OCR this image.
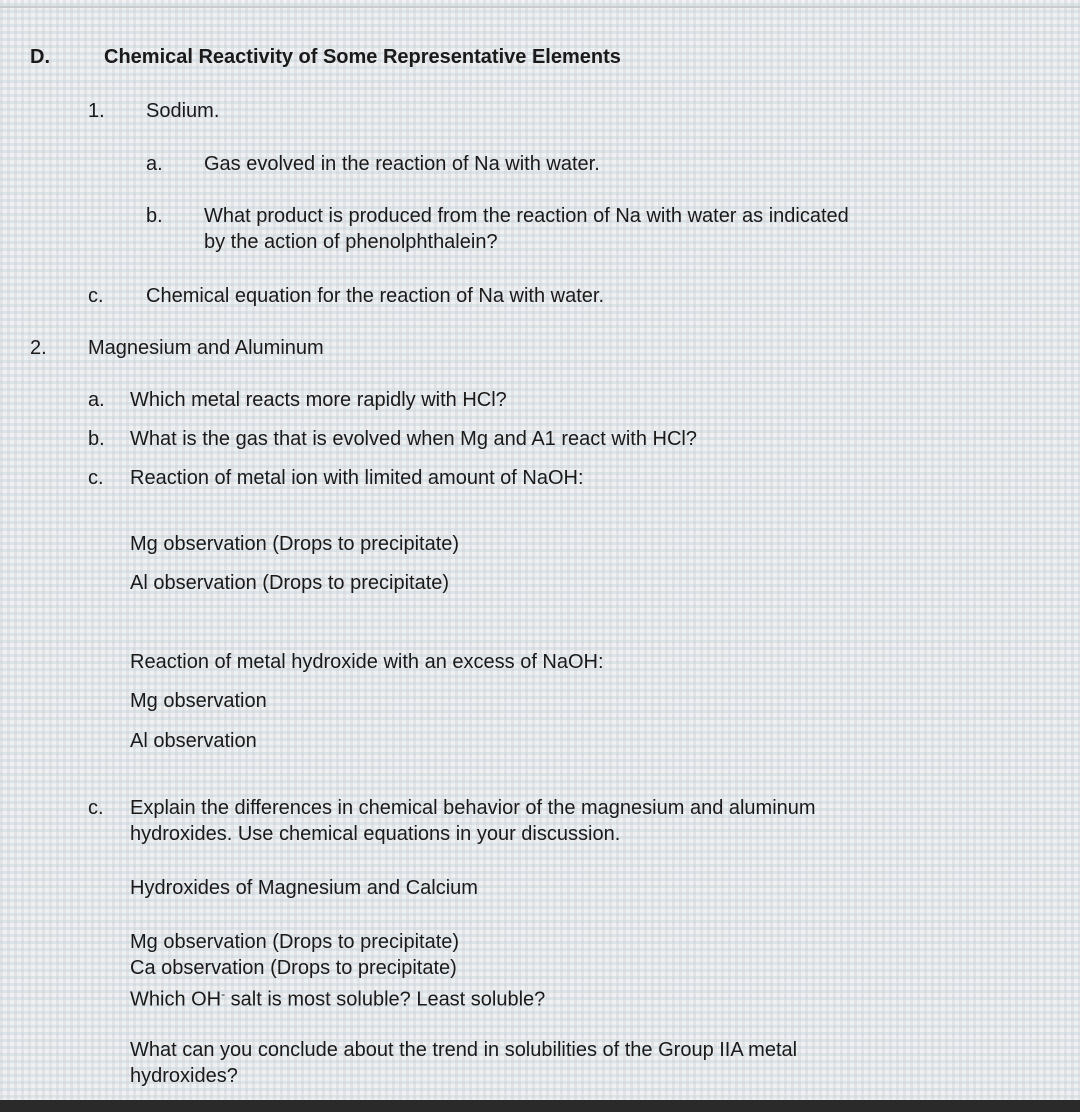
D.	Chemical Reactivity of Some Representative Elements
1. Sodium.
a. Gas evolved in the reaction of Na with water.
b. What product is produced from the reaction of Na with water as indicated
by the action of phenolphthalein?
c. Chemical equation for the reaction of Na with water.
2. Magnesium and Aluminum
a. Which metal reacts more rapidly with HCl?
b. What is the gas that is evolved when Mg and A1 react with HCl?
c. Reaction of metal ion with limited amount of NaOH:
Mg observation (Drops to precipitate)
Al observation (Drops to precipitate)
Reaction of metal hydroxide with an excess of NaOH:
Mg observation
Al observation
c. Explain the differences in chemical behavior of the magnesium and aluminum
hydroxides. Use chemical equations in your discussion.
Hydroxides of Magnesium and Calcium
Mg observation (Drops to precipitate)
Ca observation (Drops to precipitate)
Which OH- salt is most soluble? Least soluble?
What can you conclude about the trend in solubilities of the Group IIA metal
hydroxides?
